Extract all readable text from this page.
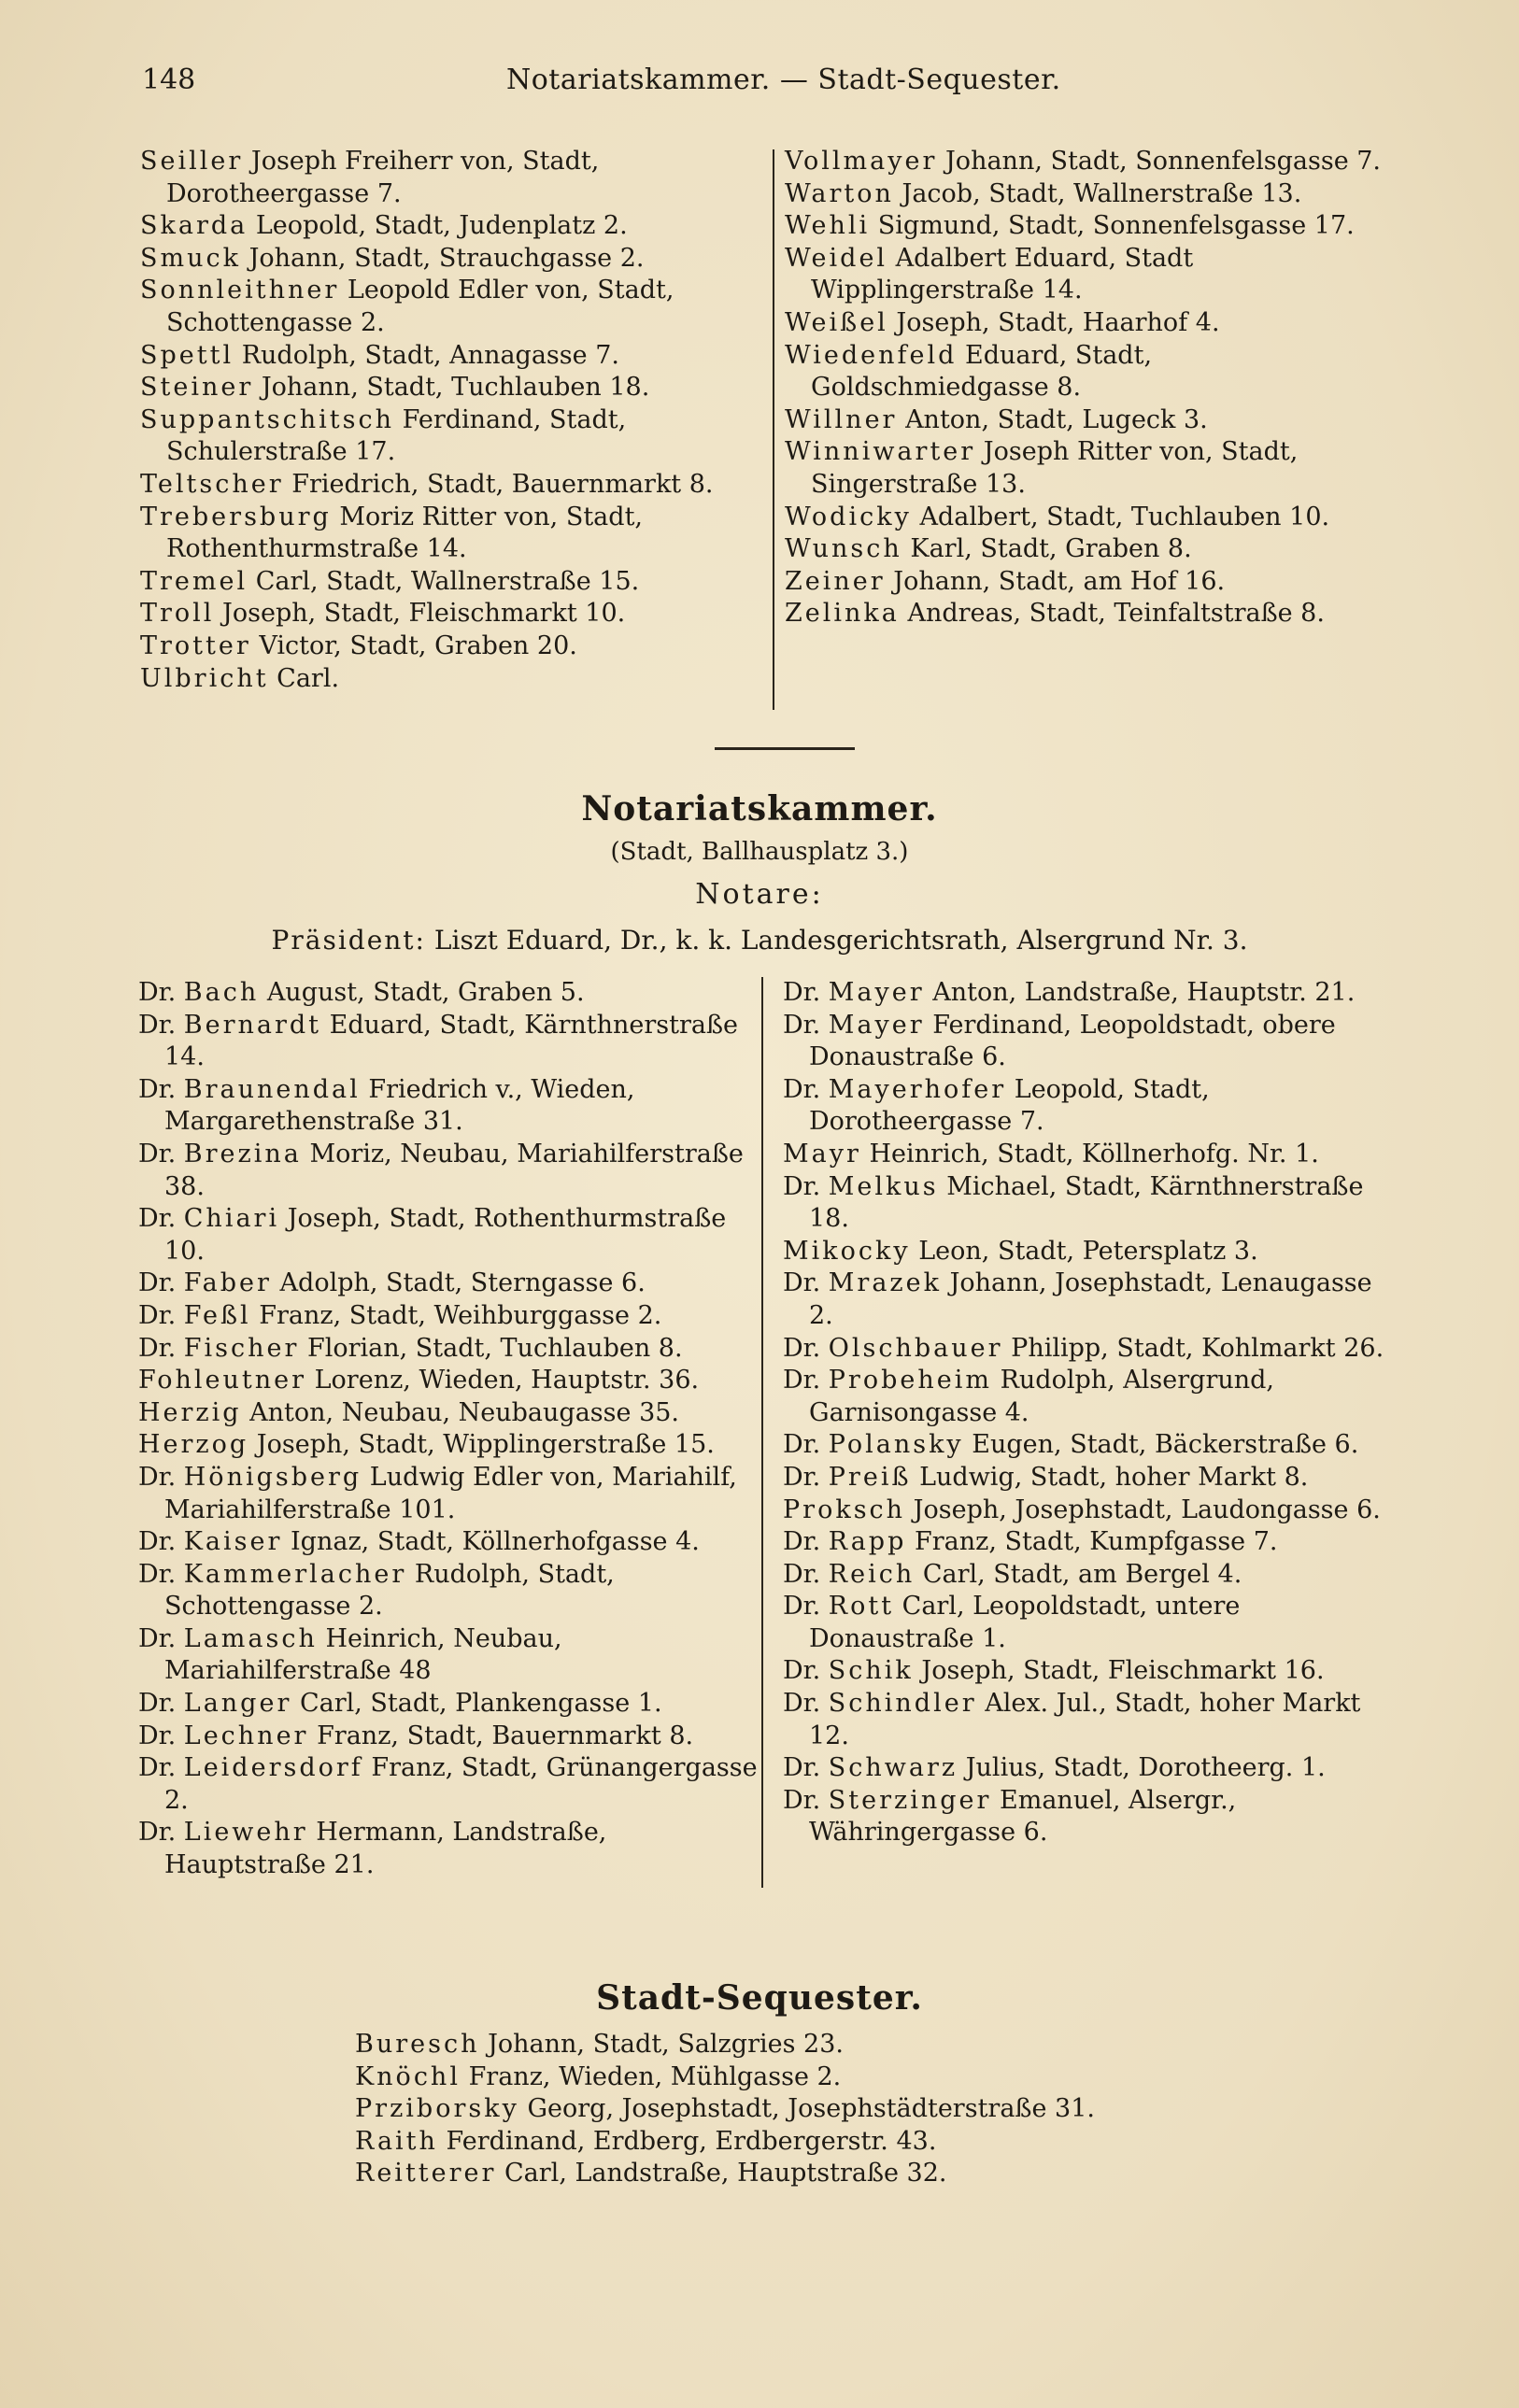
148	Notariatskammer. — Stadt-Sequester.

Seiller Joseph Freiherr von, Stadt, Dorotheergasse 7.

Skarda Leopold, Stadt, Judenplatz 2.

Smuck Johann, Stadt, Strauchgasse 2.

Sonnleithner Leopold Edler von, Stadt, Schottengasse 2.

Spettl Rudolph, Stadt, Annagasse 7.

Steiner Johann, Stadt, Tuchlauben 18.

Suppantschitsch Ferdinand, Stadt, Schulerstraße 17.

Teltscher Friedrich, Stadt, Bauernmarkt 8.

Trebersburg Moriz Ritter von, Stadt, Rothenthurmstraße 14.

Tremel Carl, Stadt, Wallnerstraße 15.

Troll Joseph, Stadt, Fleischmarkt 10.

Trotter Victor, Stadt, Graben 20.

Ulbricht Carl.

Vollmayer Johann, Stadt, Sonnenfelsgasse 7.

Warton Jacob, Stadt, Wallnerstraße 13.

Wehli Sigmund, Stadt, Sonnenfelsgasse 17.

Weidel Adalbert Eduard, Stadt Wipplingerstraße 14.

Weißel Joseph, Stadt, Haarhof 4.

Wiedenfeld Eduard, Stadt, Goldschmiedgasse 8.

Willner Anton, Stadt, Lugeck 3.

Winniwarter Joseph Ritter von, Stadt, Singerstraße 13.

Wodicky Adalbert, Stadt, Tuchlauben 10.

Wunsch Karl, Stadt, Graben 8.

Zeiner Johann, Stadt, am Hof 16.

Zelinka Andreas, Stadt, Teinfaltstraße 8.

Notariatskammer.
(Stadt, Ballhausplatz 3.)
Notare:
Präsident: Liszt Eduard, Dr., k. k. Landesgerichtsrath, Alsergrund Nr. 3.

Dr. Bach August, Stadt, Graben 5.

Dr. Bernardt Eduard, Stadt, Kärnthnerstraße 14.

Dr. Braunendal Friedrich v., Wieden, Margarethenstraße 31.

Dr. Brezina Moriz, Neubau, Mariahilferstraße 38.

Dr. Chiari Joseph, Stadt, Rothenthurmstraße 10.

Dr. Faber Adolph, Stadt, Sterngasse 6.

Dr. Feßl Franz, Stadt, Weihburggasse 2.

Dr. Fischer Florian, Stadt, Tuchlauben 8.

Fohleutner Lorenz, Wieden, Hauptstr. 36.

Herzig Anton, Neubau, Neubaugasse 35.

Herzog Joseph, Stadt, Wipplingerstraße 15.

Dr. Hönigsberg Ludwig Edler von, Mariahilf, Mariahilferstraße 101.

Dr. Kaiser Ignaz, Stadt, Köllnerhofgasse 4.

Dr. Kammerlacher Rudolph, Stadt, Schottengasse 2.

Dr. Lamasch Heinrich, Neubau, Mariahilferstraße 48

Dr. Langer Carl, Stadt, Plankengasse 1.

Dr. Lechner Franz, Stadt, Bauernmarkt 8.

Dr. Leidersdorf Franz, Stadt, Grünangergasse 2.

Dr. Liewehr Hermann, Landstraße, Hauptstraße 21.

Dr. Mayer Anton, Landstraße, Hauptstr. 21.

Dr. Mayer Ferdinand, Leopoldstadt, obere Donaustraße 6.

Dr. Mayerhofer Leopold, Stadt, Dorotheergasse 7.

Mayr Heinrich, Stadt, Köllnerhofg. Nr. 1.

Dr. Melkus Michael, Stadt, Kärnthnerstraße 18.

Mikocky Leon, Stadt, Petersplatz 3.

Dr. Mrazek Johann, Josephstadt, Lenaugasse 2.

Dr. Olschbauer Philipp, Stadt, Kohlmarkt 26.

Dr. Probeheim Rudolph, Alsergrund, Garnisongasse 4.

Dr. Polansky Eugen, Stadt, Bäckerstraße 6.

Dr. Preiß Ludwig, Stadt, hoher Markt 8.

Proksch Joseph, Josephstadt, Laudongasse 6.

Dr. Rapp Franz, Stadt, Kumpfgasse 7.

Dr. Reich Carl, Stadt, am Bergel 4.

Dr. Rott Carl, Leopoldstadt, untere Donaustraße 1.

Dr. Schik Joseph, Stadt, Fleischmarkt 16.

Dr. Schindler Alex. Jul., Stadt, hoher Markt 12.

Dr. Schwarz Julius, Stadt, Dorotheerg. 1.

Dr. Sterzinger Emanuel, Alsergr., Währingergasse 6.

Stadt-Sequester.

Buresch Johann, Stadt, Salzgries 23.

Knöchl Franz, Wieden, Mühlgasse 2.

Prziborsky Georg, Josephstadt, Josephstädterstraße 31.

Raith Ferdinand, Erdberg, Erdbergerstr. 43.

Reitterer Carl, Landstraße, Hauptstraße 32.
